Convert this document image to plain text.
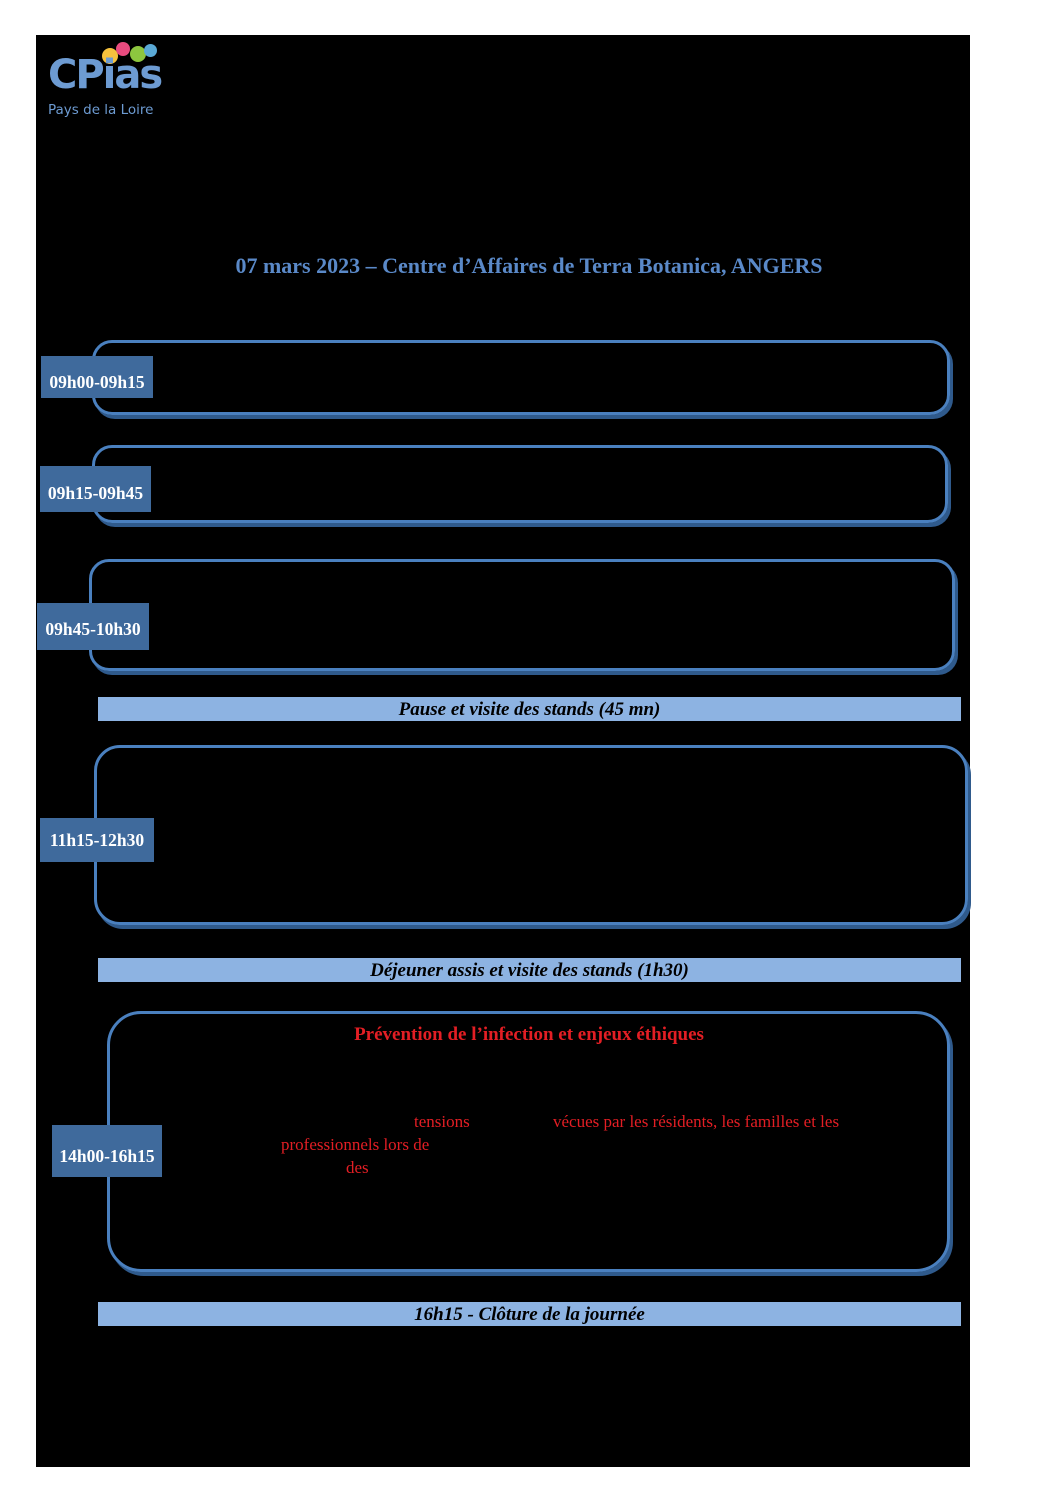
CPias
Pays de la Loire
07 mars 2023 – Centre d’Affaires de Terra Botanica, ANGERS
09h00-09h15
09h15-09h45
09h45-10h30
Pause et visite des stands (45 mn)
11h15-12h30
Déjeuner assis et visite des stands (1h30)
14h00-16h15
Prévention de l’infection et enjeux éthiques
tensions	vécues par les résidents, les familles et les
professionnels lors de
des
16h15 - Clôture de la journée
